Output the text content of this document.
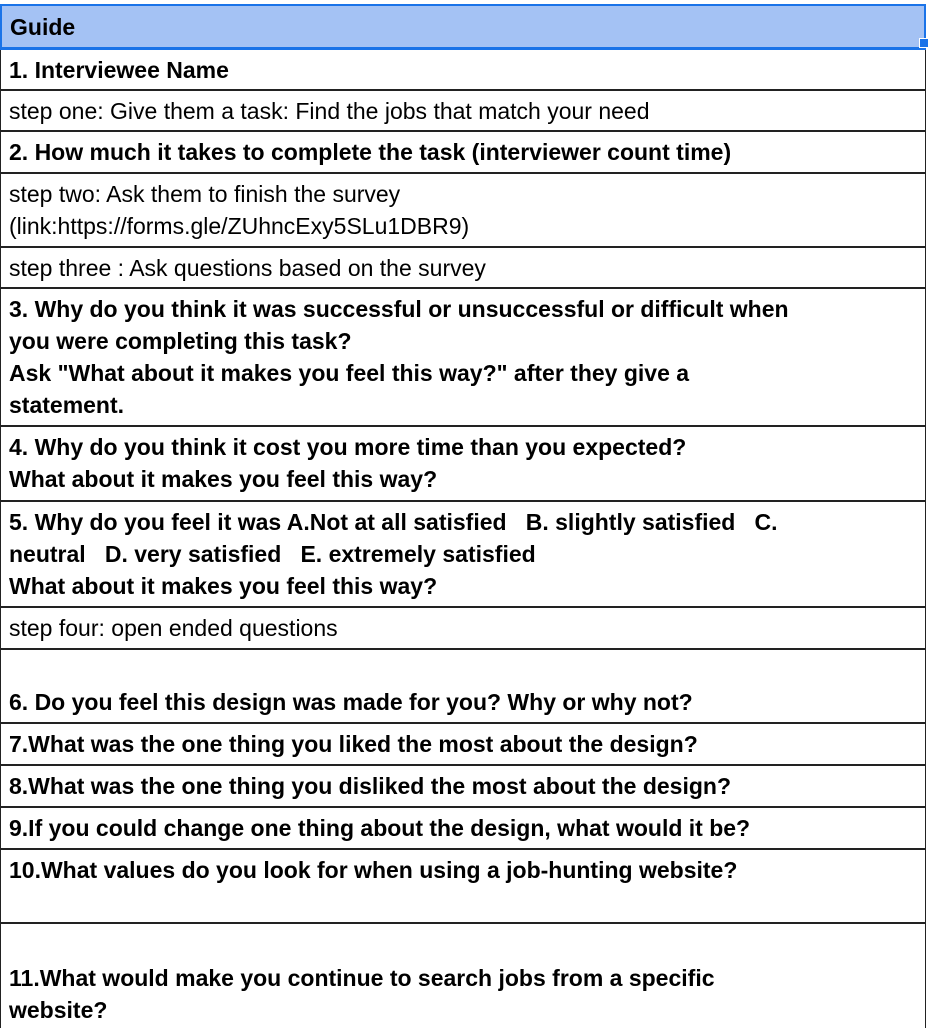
Guide
1. Interviewee Name
step one: Give them a task: Find the jobs that match your need
2. How much it takes to complete the task (interviewer count time)
step two: Ask them to finish the survey
(link:https://forms.gle/ZUhncExy5SLu1DBR9)
step three : Ask questions based on the survey
3. Why do you think it was successful or unsuccessful or difficult when
you were completing this task?
Ask "What about it makes you feel this way?" after they give a
statement.
4. Why do you think it cost you more time than you expected?
What about it makes you feel this way?
5. Why do you feel it was A.Not at all satisfied   B. slightly satisfied   C.
neutral   D. very satisfied   E. extremely satisfied
What about it makes you feel this way?
step four: open ended questions
6. Do you feel this design was made for you? Why or why not?
7.What was the one thing you liked the most about the design?
8.What was the one thing you disliked the most about the design?
9.If you could change one thing about the design, what would it be?
10.What values do you look for when using a job-hunting website?
11.What would make you continue to search jobs from a specific
website?
